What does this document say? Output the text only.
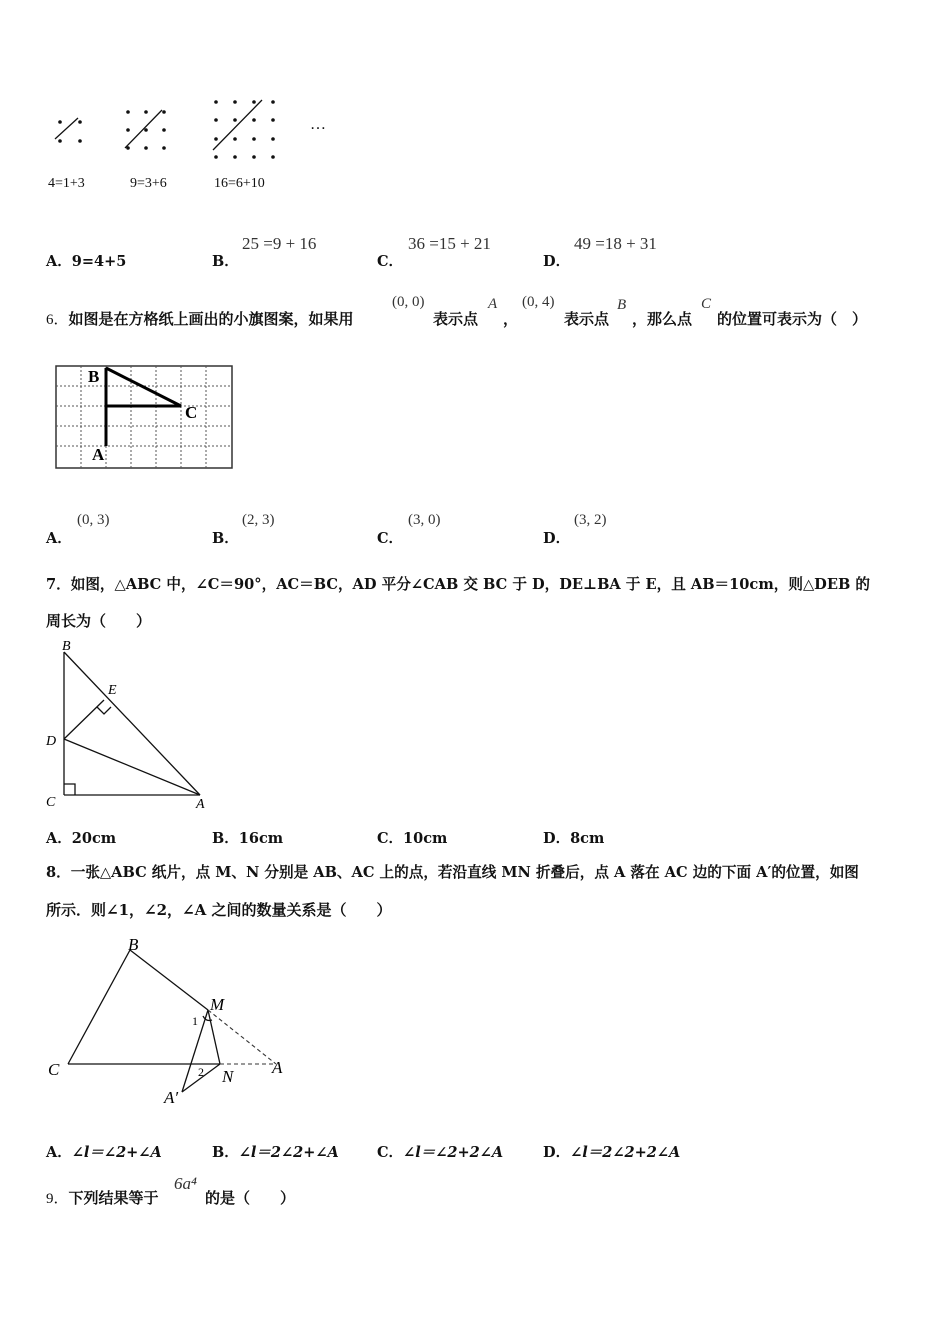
…
4=1+3	9=3+6	16=6+10
A．9=4+5	B．
25 =9 + 16
C．
36 =15 + 21
D．
49 =18 + 31
6．如图是在方格纸上画出的小旗图案，如果用
(0, 0)
表示点
A
，
(0, 4)
表示点
B
，那么点
C
的位置可表示为（　）
B
C
A
A．
(0, 3)
B．
(2, 3)
C．
(3, 0)
D．
(3, 2)
7．如图，△ABC 中，∠C＝90°，AC＝BC，AD 平分∠CAB 交 BC 于 D，DE⊥BA 于 E，且 AB＝10cm，则△DEB 的
周长为（　　）
B
E
D
C	A
A．20cm	B．16cm	C．10cm	D．8cm
8．一张△ABC 纸片，点 M、N 分别是 AB、AC 上的点，若沿直线 MN 折叠后，点 A 落在 AC 边的下面 A′的位置，如图
所示．则∠1，∠2，∠A 之间的数量关系是（　　）
B
M
1
C	2 N A
A′
A．∠l＝∠2+∠A	B．∠l＝2∠2+∠A	C．∠l＝∠2+2∠A	D．∠l＝2∠2+2∠A
9．下列结果等于
6a⁴
的是（　　）
